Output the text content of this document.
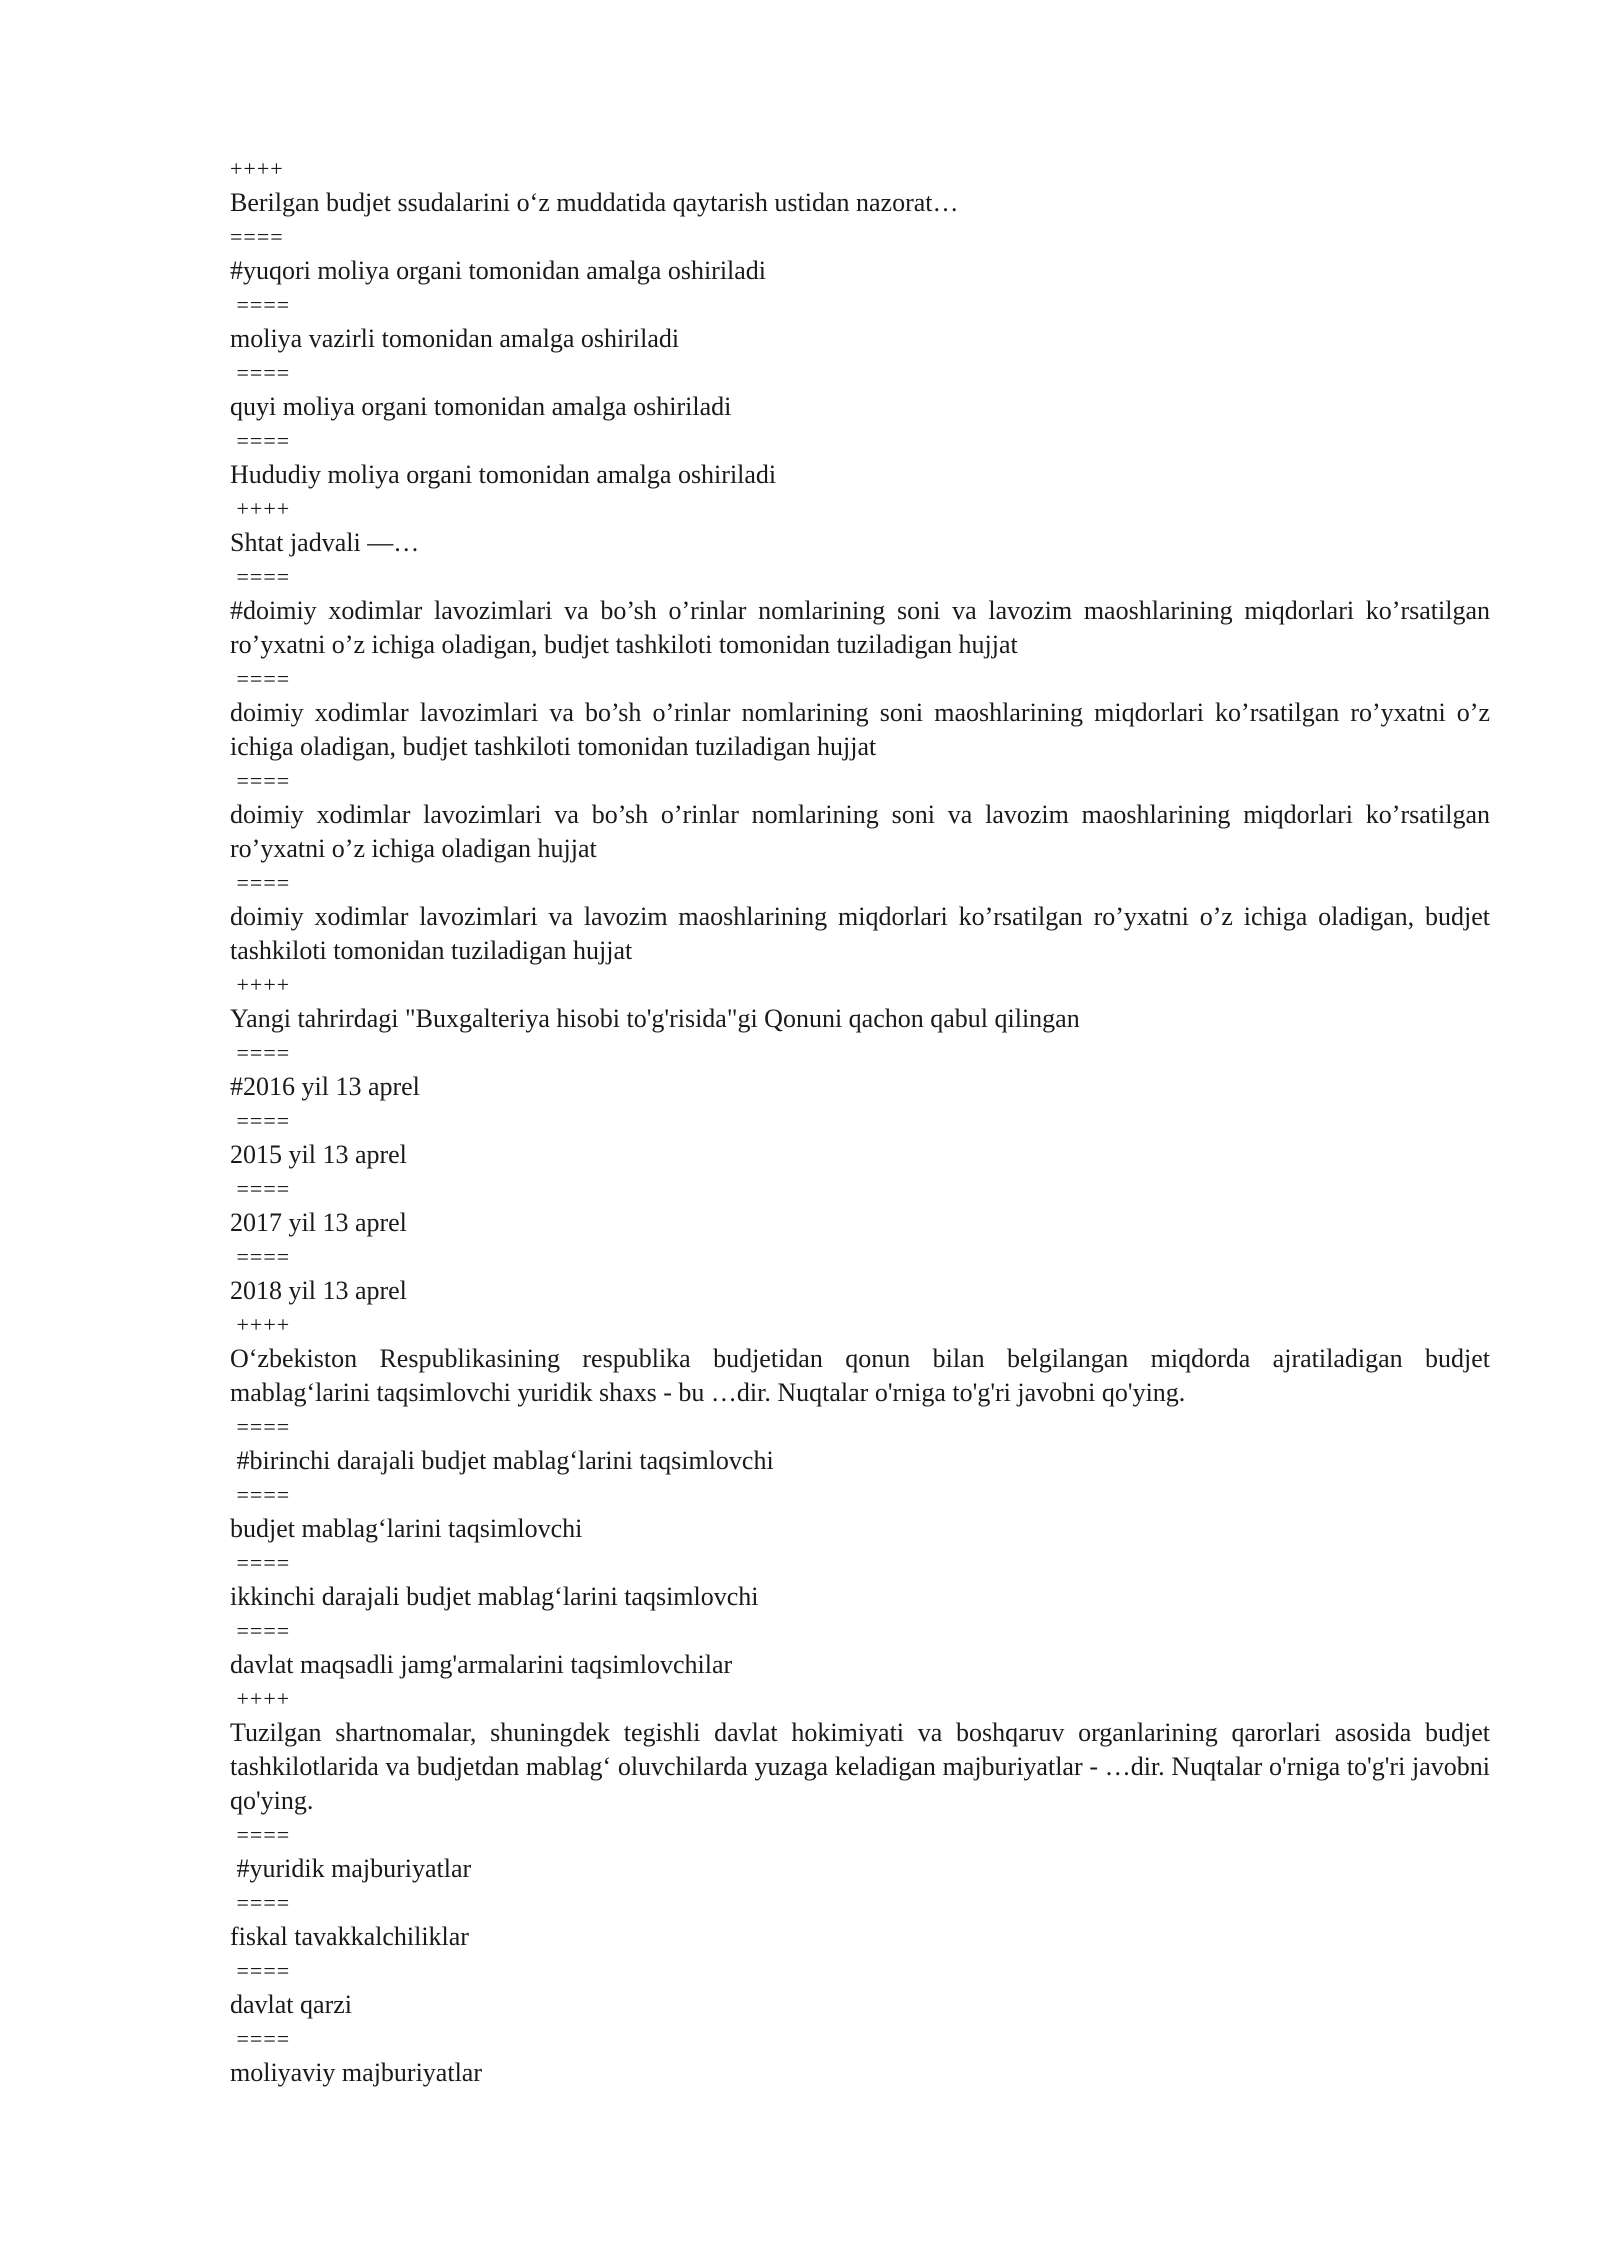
++++

Berilgan budjet ssudalarini o‘z muddatida qaytarish ustidan nazorat…

====

#yuqori moliya organi tomonidan amalga oshiriladi

====

moliya vazirli tomonidan amalga oshiriladi

====

quyi moliya organi tomonidan amalga oshiriladi

====

Hududiy moliya organi tomonidan amalga oshiriladi

++++

Shtat jadvali —…

====

#doimiy xodimlar lavozimlari va bo’sh o’rinlar nomlarining soni va lavozim maoshlarining miqdorlari ko’rsatilgan ro’yxatni o’z ichiga oladigan, budjet tashkiloti tomonidan tuziladigan hujjat

====

doimiy xodimlar lavozimlari va bo’sh o’rinlar nomlarining soni maoshlarining miqdorlari ko’rsatilgan ro’yxatni o’z ichiga oladigan, budjet tashkiloti tomonidan tuziladigan hujjat

====

doimiy xodimlar lavozimlari va bo’sh o’rinlar nomlarining soni va lavozim maoshlarining miqdorlari ko’rsatilgan ro’yxatni o’z ichiga oladigan hujjat

====

doimiy xodimlar lavozimlari va lavozim maoshlarining miqdorlari ko’rsatilgan ro’yxatni o’z ichiga oladigan, budjet tashkiloti tomonidan tuziladigan hujjat

++++

Yangi tahrirdagi "Buxgalteriya hisobi to'g'risida"gi Qonuni qachon qabul qilingan

====

#2016 yil 13 aprel

====

2015 yil 13 aprel

====

2017 yil 13 aprel

====

2018 yil 13 aprel

++++

O‘zbekiston Respublikasining respublika budjetidan qonun bilan belgilangan miqdorda ajratiladigan budjet mablag‘larini taqsimlovchi yuridik shaxs - bu …dir. Nuqtalar o'rniga to'g'ri javobni qo'ying.

====

#birinchi darajali budjet mablag‘larini taqsimlovchi

====

budjet mablag‘larini taqsimlovchi

====

ikkinchi darajali budjet mablag‘larini taqsimlovchi

====

davlat maqsadli jamg'armalarini taqsimlovchilar

++++

Tuzilgan shartnomalar, shuningdek tegishli davlat hokimiyati va boshqaruv organlarining qarorlari asosida budjet tashkilotlarida va budjetdan mablag‘ oluvchilarda yuzaga keladigan majburiyatlar - …dir. Nuqtalar o'rniga to'g'ri javobni qo'ying.

====

#yuridik majburiyatlar

====

fiskal tavakkalchiliklar

====

davlat qarzi

====

moliyaviy majburiyatlar
